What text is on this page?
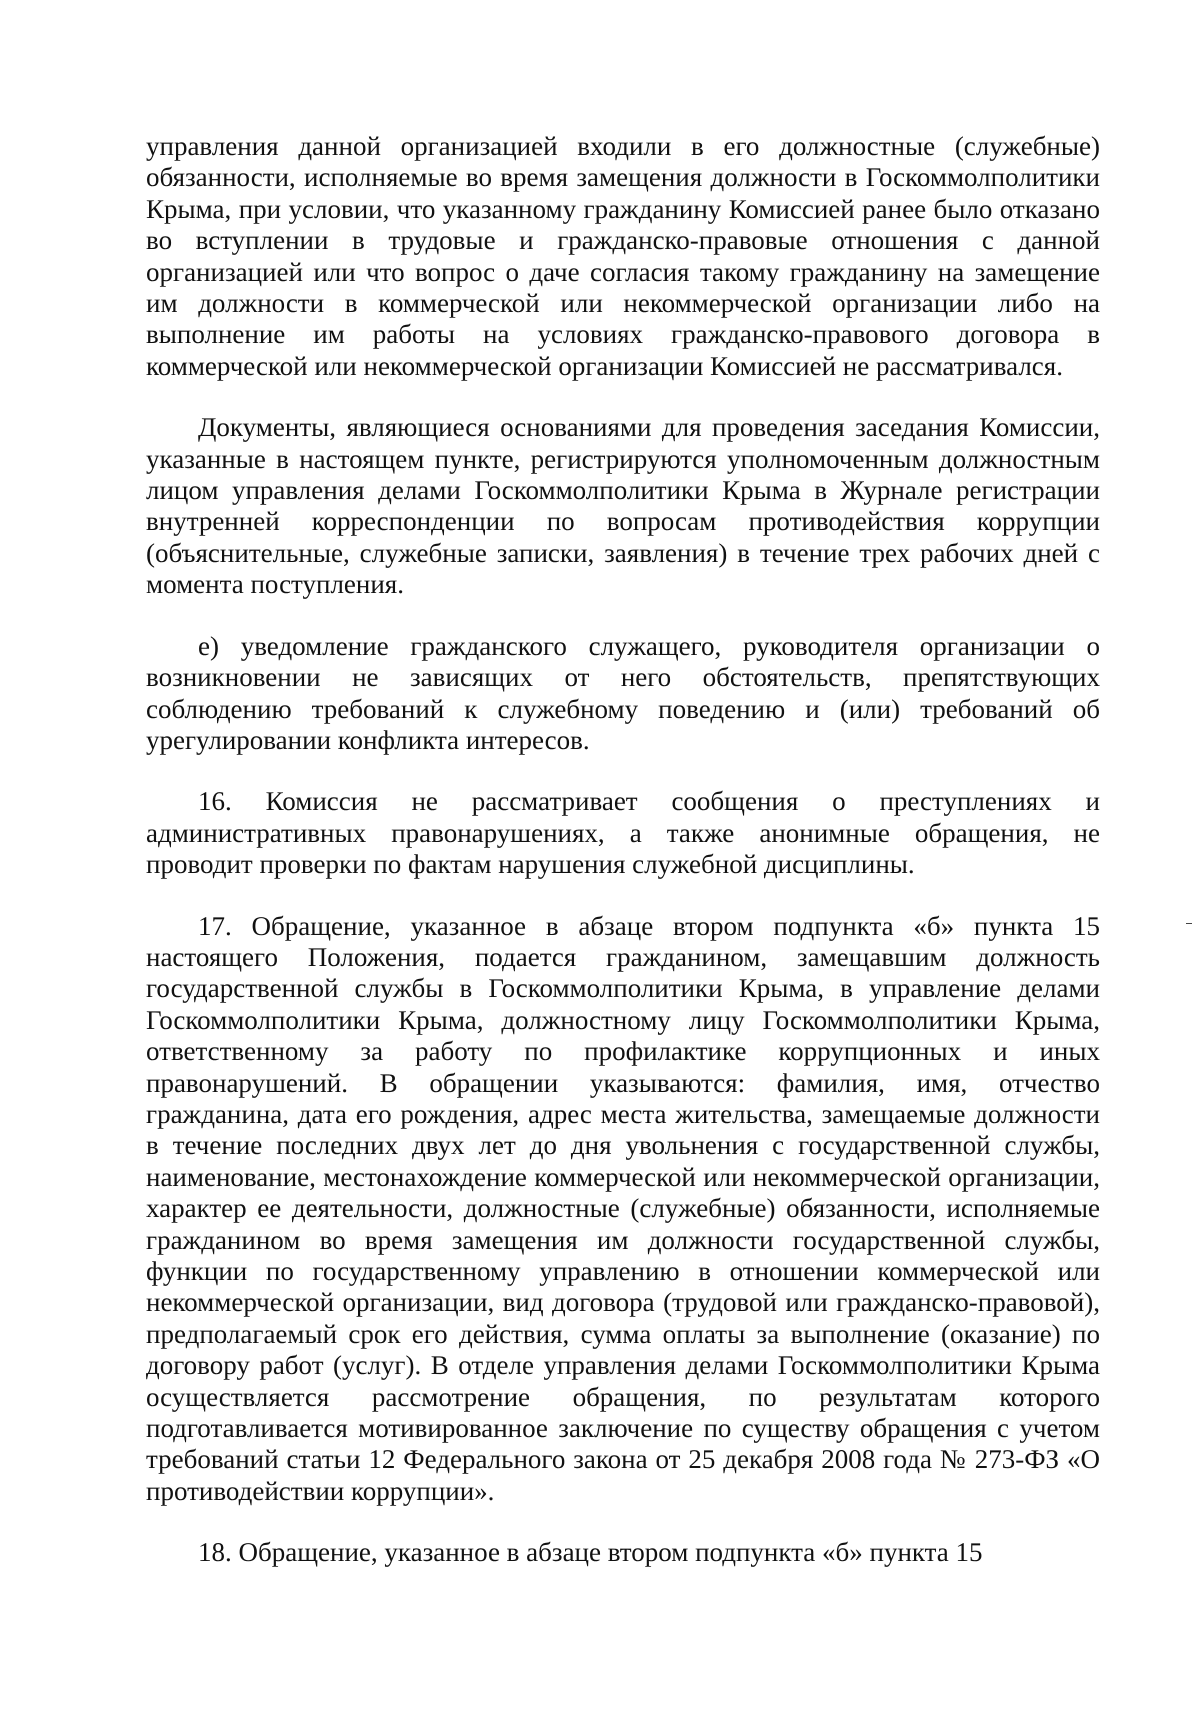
управления данной организацией входили в его должностные (служебные) обязанности, исполняемые во время замещения должности в Госкоммолполитики Крыма, при условии, что указанному гражданину Комиссией ранее было отказано во вступлении в трудовые и гражданско-правовые отношения с данной организацией или что вопрос о даче согласия такому гражданину на замещение им должности в коммерческой или некоммерческой организации либо на выполнение им работы на условиях гражданско-правового договора в коммерческой или некоммерческой организации Комиссией не рассматривался.

Документы, являющиеся основаниями для проведения заседания Комиссии, указанные в настоящем пункте, регистрируются уполномоченным должностным лицом управления делами Госкоммолполитики Крыма в Журнале регистрации внутренней корреспонденции по вопросам противодействия коррупции (объяснительные, служебные записки, заявления) в течение трех рабочих дней с момента поступления.

е) уведомление гражданского служащего, руководителя организации о возникновении не зависящих от него обстоятельств, препятствующих соблюдению требований к служебному поведению и (или) требований об урегулировании конфликта интересов.

16. Комиссия не рассматривает сообщения о преступлениях и административных правонарушениях, а также анонимные обращения, не проводит проверки по фактам нарушения служебной дисциплины.

17. Обращение, указанное в абзаце втором подпункта «б» пункта 15 настоящего Положения, подается гражданином, замещавшим должность государственной службы в Госкоммолполитики Крыма, в управление делами Госкоммолполитики Крыма, должностному лицу Госкоммолполитики Крыма, ответственному за работу по профилактике коррупционных и иных правонарушений. В обращении указываются: фамилия, имя, отчество гражданина, дата его рождения, адрес места жительства, замещаемые должности в течение последних двух лет до дня увольнения с государственной службы, наименование, местонахождение коммерческой или некоммерческой организации, характер ее деятельности, должностные (служебные) обязанности, исполняемые гражданином во время замещения им должности государственной службы, функции по государственному управлению в отношении коммерческой или некоммерческой организации, вид договора (трудовой или гражданско-правовой), предполагаемый срок его действия, сумма оплаты за выполнение (оказание) по договору работ (услуг). В отделе управления делами Госкоммолполитики Крыма осуществляется рассмотрение обращения, по результатам которого подготавливается мотивированное заключение по существу обращения с учетом требований статьи 12 Федерального закона от 25 декабря 2008 года № 273-ФЗ «О противодействии коррупции».

18. Обращение, указанное в абзаце втором подпункта «б» пункта 15
